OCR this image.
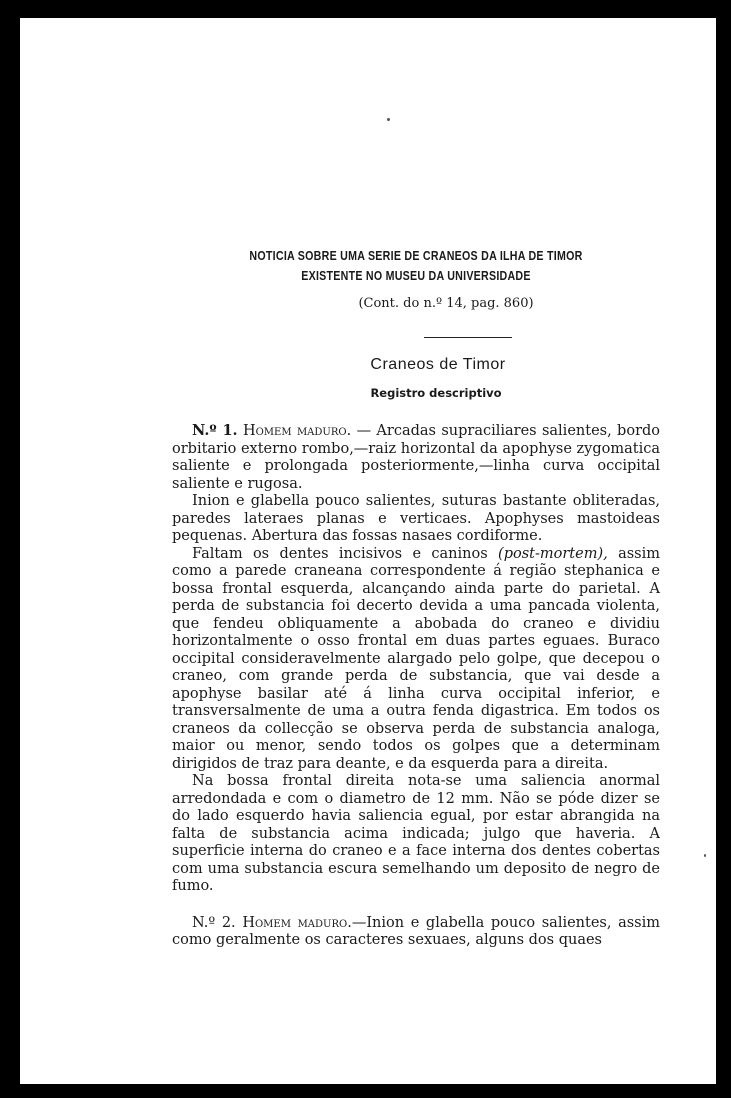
NOTICIA SOBRE UMA SERIE DE CRANEOS DA ILHA DE TIMOR
EXISTENTE NO MUSEU DA UNIVERSIDADE
(Cont. do n.º 14, pag. 860)
Craneos de Timor
Registro descriptivo

N.º 1. Homem maduro. — Arcadas supraciliares salientes, bordo orbitario externo rombo,—raiz horizontal da apophyse zygomatica saliente e prolongada posteriormente,—linha curva occipital saliente e rugosa.

Inion e glabella pouco salientes, suturas bastante obliteradas, paredes lateraes planas e verticaes. Apophyses mastoideas pequenas. Abertura das fossas nasaes cordiforme.

Faltam os dentes incisivos e caninos (post-mortem), assim como a parede craneana correspondente á região stephanica e bossa frontal esquerda, alcançando ainda parte do parietal. A perda de substancia foi decerto devida a uma pancada violenta, que fendeu obliquamente a abobada do craneo e dividiu horizontalmente o osso frontal em duas partes eguaes. Buraco occipital consideravelmente alargado pelo golpe, que decepou o craneo, com grande perda de substancia, que vai desde a apophyse basilar até á linha curva occipital inferior, e transversalmente de uma a outra fenda digastrica. Em todos os craneos da collecção se observa perda de substancia analoga, maior ou menor, sendo todos os golpes que a determinam dirigidos de traz para deante, e da esquerda para a direita.

Na bossa frontal direita nota-se uma saliencia anormal arredondada e com o diametro de 12 mm. Não se póde dizer se do lado esquerdo havia saliencia egual, por estar abrangida na falta de substancia acima indicada; julgo que haveria. A superficie interna do craneo e a face interna dos dentes cobertas com uma substancia escura semelhando um deposito de negro de fumo.

N.º 2. Homem maduro.—Inion e glabella pouco salientes, assim como geralmente os caracteres sexuaes, alguns dos quaes
